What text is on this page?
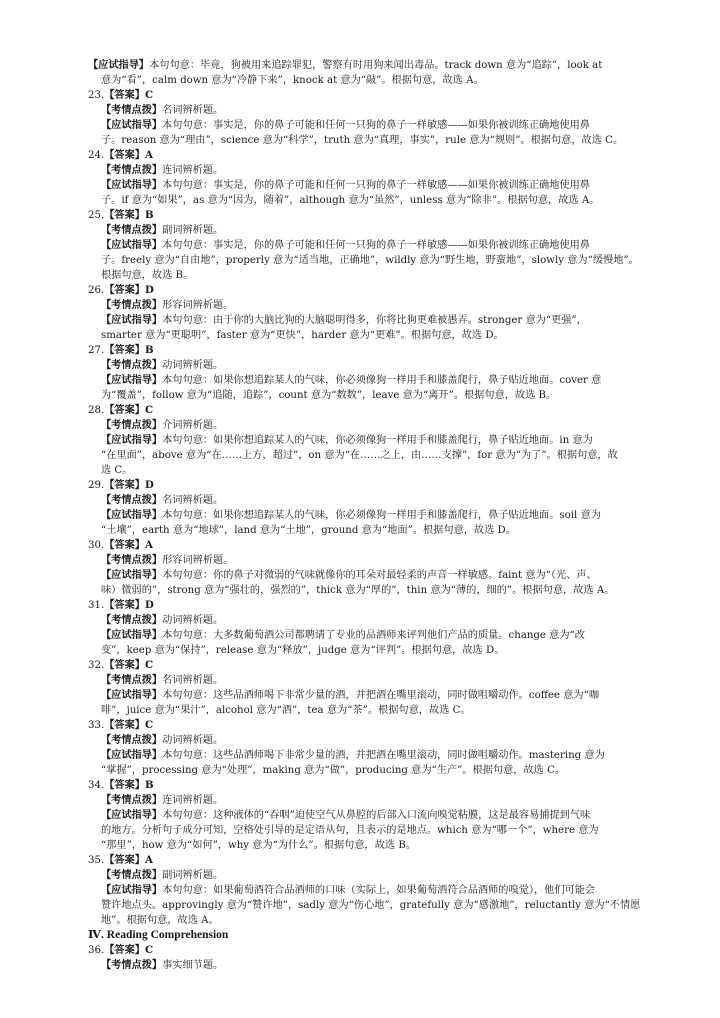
【应试指导】本句句意：毕竟，狗被用来追踪罪犯，警察有时用狗来闻出毒品。track down 意为“追踪”，look at
意为“看”，calm down 意为“冷静下来”，knock at 意为“敲”。根据句意，故选 A。
23.【答案】C
【考情点拨】名词辨析题。
【应试指导】本句句意：事实是，你的鼻子可能和任何一只狗的鼻子一样敏感——如果你被训练正确地使用鼻
子。reason 意为“理由”，science 意为“科学”，truth 意为“真理，事实”，rule 意为“规则”。根据句意，故选 C。
24.【答案】A
【考情点拨】连词辨析题。
【应试指导】本句句意：事实是，你的鼻子可能和任何一只狗的鼻子一样敏感——如果你被训练正确地使用鼻
子。if 意为“如果”，as 意为“因为，随着”，although 意为“虽然”，unless 意为“除非”。根据句意，故选 A。
25.【答案】B
【考情点拨】副词辨析题。
【应试指导】本句句意：事实是，你的鼻子可能和任何一只狗的鼻子一样敏感——如果你被训练正确地使用鼻
子。freely 意为“自由地”，properly 意为“适当地，正确地”，wildly 意为“野生地，野蛮地”，slowly 意为“缓慢地”。
根据句意，故选 B。
26.【答案】D
【考情点拨】形容词辨析题。
【应试指导】本句句意：由于你的大脑比狗的大脑聪明得多，你将比狗更难被愚弄。stronger 意为“更强”，
smarter 意为“更聪明”，faster 意为“更快”，harder 意为“更难”。根据句意，故选 D。
27.【答案】B
【考情点拨】动词辨析题。
【应试指导】本句句意：如果你想追踪某人的气味，你必须像狗一样用手和膝盖爬行，鼻子贴近地面。cover 意
为“覆盖”，follow 意为“追随，追踪”，count 意为“数数”，leave 意为“离开”。根据句意，故选 B。
28.【答案】C
【考情点拨】介词辨析题。
【应试指导】本句句意：如果你想追踪某人的气味，你必须像狗一样用手和膝盖爬行，鼻子贴近地面。in 意为
“在里面”，above 意为“在……上方，超过”，on 意为“在……之上，由……支撑”，for 意为“为了”。根据句意，故
选 C。
29.【答案】D
【考情点拨】名词辨析题。
【应试指导】本句句意：如果你想追踪某人的气味，你必须像狗一样用手和膝盖爬行，鼻子贴近地面。soil 意为
“土壤”，earth 意为“地球”，land 意为“土地”，ground 意为“地面”。根据句意，故选 D。
30.【答案】A
【考情点拨】形容词辨析题。
【应试指导】本句句意：你的鼻子对微弱的气味就像你的耳朵对最轻柔的声音一样敏感。faint 意为“（光、声、
味）微弱的”，strong 意为“强壮的，强烈的”，thick 意为“厚的”，thin 意为“薄的，细的”。根据句意，故选 A。
31.【答案】D
【考情点拨】动词辨析题。
【应试指导】本句句意：大多数葡萄酒公司都聘请了专业的品酒师来评判他们产品的质量。change 意为“改
变”，keep 意为“保持”，release 意为“释放”，judge 意为“评判”。根据句意，故选 D。
32.【答案】C
【考情点拨】名词辨析题。
【应试指导】本句句意：这些品酒师喝下非常少量的酒，并把酒在嘴里滚动，同时做咀嚼动作。coffee 意为“咖
啡”，juice 意为“果汁”，alcohol 意为“酒”，tea 意为“茶”。根据句意，故选 C。
33.【答案】C
【考情点拨】动词辨析题。
【应试指导】本句句意：这些品酒师喝下非常少量的酒，并把酒在嘴里滚动，同时做咀嚼动作。mastering 意为
“掌握”，processing 意为“处理”，making 意为“做”，producing 意为“生产”。根据句意，故选 C。
34.【答案】B
【考情点拨】连词辨析题。
【应试指导】本句句意：这种液体的“吞咽”迫使空气从鼻腔的后部入口流向嗅觉粘膜，这是最容易捕捉到气味
的地方。分析句子成分可知，空格处引导的是定语从句，且表示的是地点。which 意为“哪一个”，where 意为
“那里”，how 意为“如何”，why 意为“为什么”。根据句意，故选 B。
35.【答案】A
【考情点拨】副词辨析题。
【应试指导】本句句意：如果葡萄酒符合品酒师的口味（实际上，如果葡萄酒符合品酒师的嗅觉），他们可能会
赞许地点头。approvingly 意为“赞许地”，sadly 意为“伤心地”，gratefully 意为“感激地”，reluctantly 意为“不情愿
地”。根据句意，故选 A。
Ⅳ. Reading Comprehension
36.【答案】C
【考情点拨】事实细节题。
